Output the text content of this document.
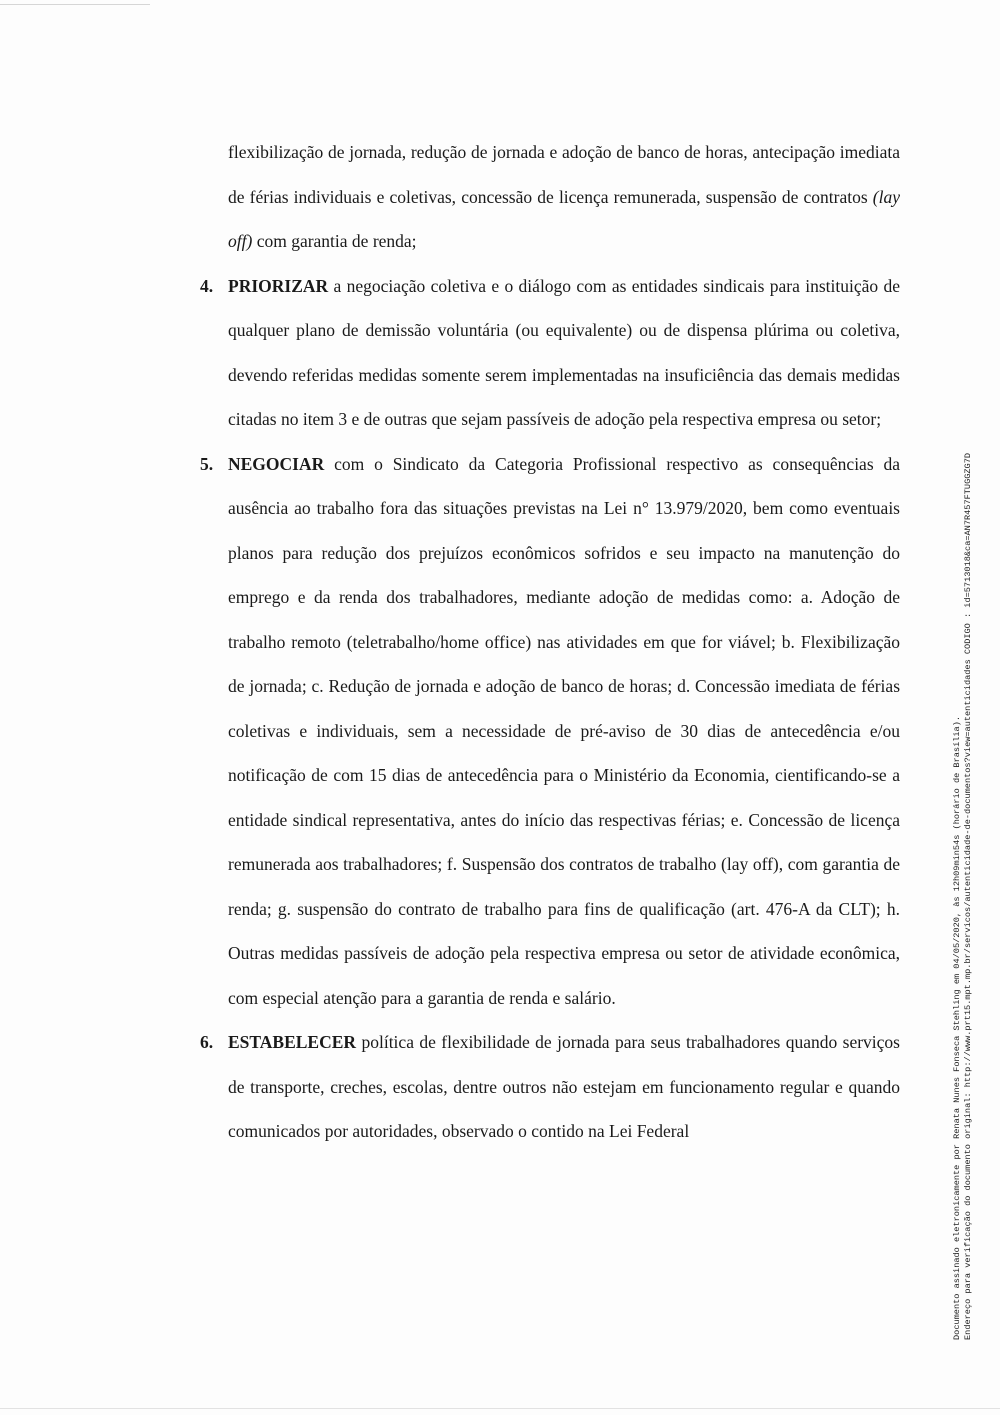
flexibilização de jornada, redução de jornada e adoção de banco de horas, antecipação imediata de férias individuais e coletivas, concessão de licença remunerada, suspensão de contratos (lay off) com garantia de renda;

4. PRIORIZAR a negociação coletiva e o diálogo com as entidades sindicais para instituição de qualquer plano de demissão voluntária (ou equivalente) ou de dispensa plúrima ou coletiva, devendo referidas medidas somente serem implementadas na insuficiência das demais medidas citadas no item 3 e de outras que sejam passíveis de adoção pela respectiva empresa ou setor;

5. NEGOCIAR com o Sindicato da Categoria Profissional respectivo as consequências da ausência ao trabalho fora das situações previstas na Lei n° 13.979/2020, bem como eventuais planos para redução dos prejuízos econômicos sofridos e seu impacto na manutenção do emprego e da renda dos trabalhadores, mediante adoção de medidas como: a. Adoção de trabalho remoto (teletrabalho/home office) nas atividades em que for viável; b. Flexibilização de jornada; c. Redução de jornada e adoção de banco de horas; d. Concessão imediata de férias coletivas e individuais, sem a necessidade de pré-aviso de 30 dias de antecedência e/ou notificação de com 15 dias de antecedência para o Ministério da Economia, cientificando-se a entidade sindical representativa, antes do início das respectivas férias; e. Concessão de licença remunerada aos trabalhadores; f. Suspensão dos contratos de trabalho (lay off), com garantia de renda; g. suspensão do contrato de trabalho para fins de qualificação (art. 476-A da CLT); h. Outras medidas passíveis de adoção pela respectiva empresa ou setor de atividade econômica, com especial atenção para a garantia de renda e salário.

6. ESTABELECER política de flexibilidade de jornada para seus trabalhadores quando serviços de transporte, creches, escolas, dentre outros não estejam em funcionamento regular e quando comunicados por autoridades, observado o contido na Lei Federal	Documento assinado eletronicamente por Renata Nunes Fonseca Stehling em 04/05/2020, às 12h09min54s (horário de Brasília). Endereço para verificação do documento original: http://www.prt15.mpt.mp.br/servicos/autenticidade-de-documentos?view=autenticidades CODIGO : id=5713018&ca=AN7R457FTUGGZG7D
